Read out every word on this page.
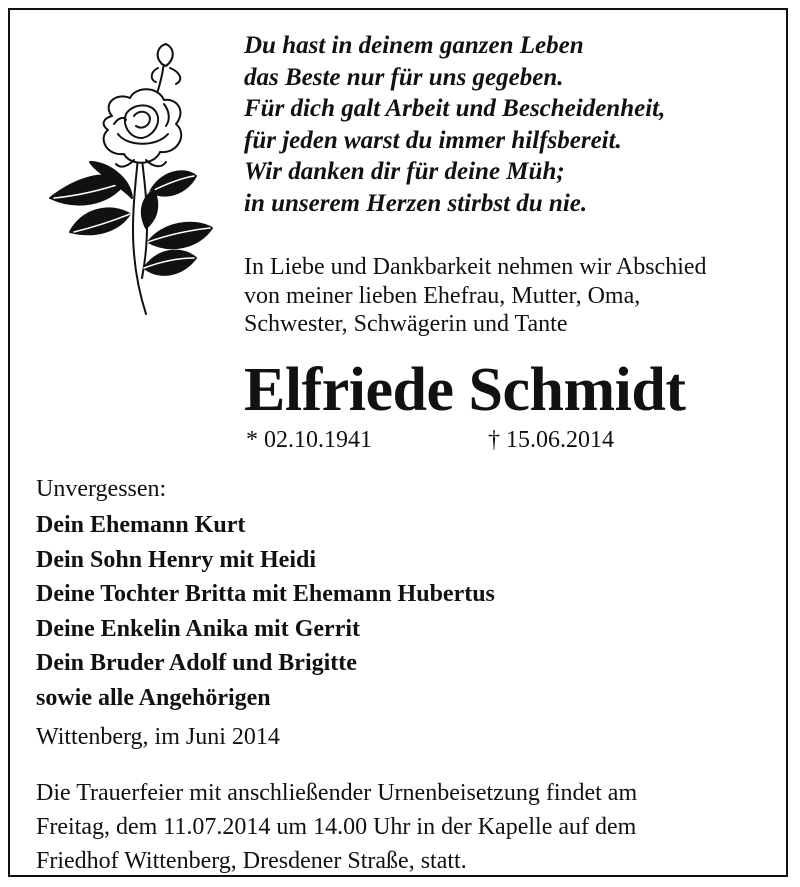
Du hast in deinem ganzen Leben
das Beste nur für uns gegeben.
Für dich galt Arbeit und Bescheidenheit,
für jeden warst du immer hilfsbereit.
Wir danken dir für deine Müh;
in unserem Herzen stirbst du nie.
In Liebe und Dankbarkeit nehmen wir Abschied
von meiner lieben Ehefrau, Mutter, Oma,
Schwester, Schwägerin und Tante
Elfriede Schmidt
* 02.10.1941	† 15.06.2014
Unvergessen:
Dein Ehemann Kurt
Dein Sohn Henry mit Heidi
Deine Tochter Britta mit Ehemann Hubertus
Deine Enkelin Anika mit Gerrit
Dein Bruder Adolf und Brigitte
sowie alle Angehörigen
Wittenberg, im Juni 2014
Die Trauerfeier mit anschließender Urnenbeisetzung findet am
Freitag, dem 11.07.2014 um 14.00 Uhr in der Kapelle auf dem
Friedhof Wittenberg, Dresdener Straße, statt.
